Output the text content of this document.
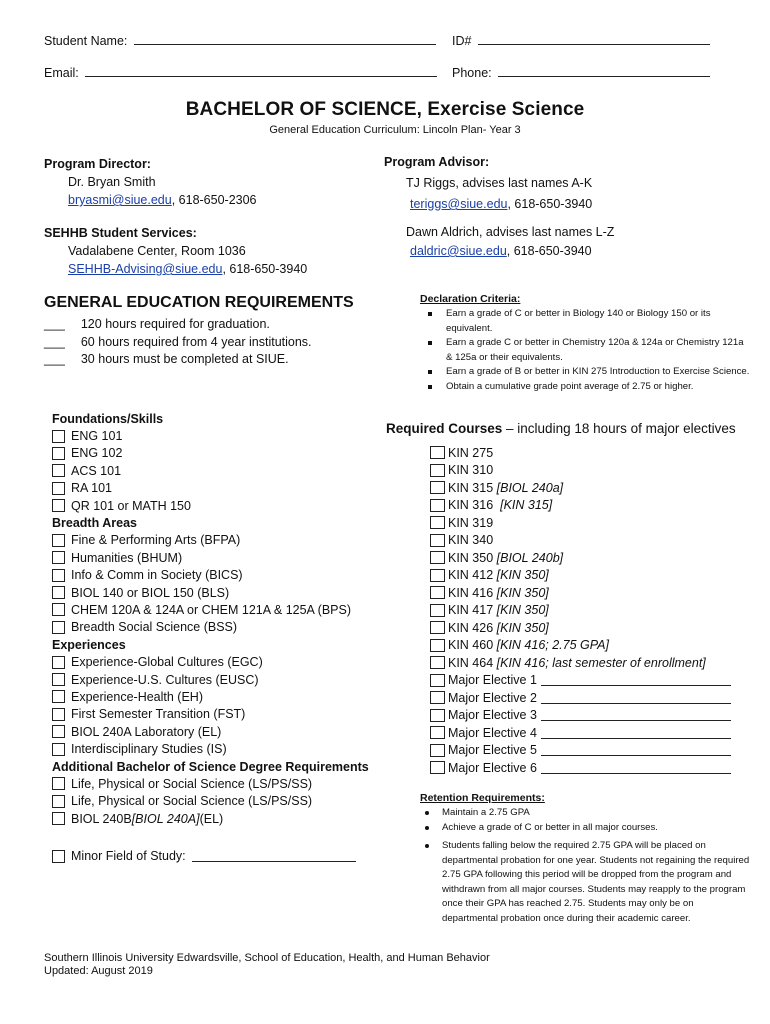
Student Name:	ID#
Email:	Phone:
BACHELOR OF SCIENCE, Exercise Science
General Education Curriculum: Lincoln Plan- Year 3
Program Director:
Dr. Bryan Smith
bryasmi@siue.edu, 618-650-2306
SEHHB Student Services:
Vadalabene Center, Room 1036
SEHHB-Advising@siue.edu, 618-650-3940
Program Advisor:
TJ Riggs, advises last names A-K
teriggs@siue.edu, 618-650-3940
Dawn Aldrich, advises last names L-Z
daldric@siue.edu, 618-650-3940
GENERAL EDUCATION REQUIREMENTS
___ 120 hours required for graduation.
___ 60 hours required from 4 year institutions.
___ 30 hours must be completed at SIUE.
Declaration Criteria:
Earn a grade of C or better in Biology 140 or Biology 150 or its equivalent.
Earn a grade C or better in Chemistry 120a & 124a or Chemistry 121a & 125a or their equivalents.
Earn a grade of B or better in KIN 275 Introduction to Exercise Science.
Obtain a cumulative grade point average of 2.75 or higher.
Foundations/Skills
ENG 101
ENG 102
ACS 101
RA 101
QR 101 or MATH 150
Breadth Areas
Fine & Performing Arts (BFPA)
Humanities (BHUM)
Info & Comm in Society (BICS)
BIOL 140 or BIOL 150 (BLS)
CHEM 120A & 124A or CHEM 121A & 125A (BPS)
Breadth Social Science (BSS)
Experiences
Experience-Global Cultures (EGC)
Experience-U.S. Cultures (EUSC)
Experience-Health (EH)
First Semester Transition (FST)
BIOL 240A Laboratory (EL)
Interdisciplinary Studies (IS)
Additional Bachelor of Science Degree Requirements
Life, Physical or Social Science (LS/PS/SS)
Life, Physical or Social Science (LS/PS/SS)
BIOL 240B [BIOL 240A] (EL)
Minor Field of Study:
Required Courses – including 18 hours of major electives
KIN 275
KIN 310
KIN 315 [BIOL 240a]
KIN 316 [KIN 315]
KIN 319
KIN 340
KIN 350 [BIOL 240b]
KIN 412 [KIN 350]
KIN 416 [KIN 350]
KIN 417 [KIN 350]
KIN 426 [KIN 350]
KIN 460 [KIN 416; 2.75 GPA]
KIN 464 [KIN 416; last semester of enrollment]
Major Elective 1
Major Elective 2
Major Elective 3
Major Elective 4
Major Elective 5
Major Elective 6
Retention Requirements:
Maintain a 2.75 GPA
Achieve a grade of C or better in all major courses.
Students falling below the required 2.75 GPA will be placed on departmental probation for one year. Students not regaining the required 2.75 GPA following this period will be dropped from the program and withdrawn from all major courses. Students may reapply to the program once their GPA has reached 2.75. Students may only be on departmental probation once during their academic career.
Southern Illinois University Edwardsville, School of Education, Health, and Human Behavior
Updated: August 2019
